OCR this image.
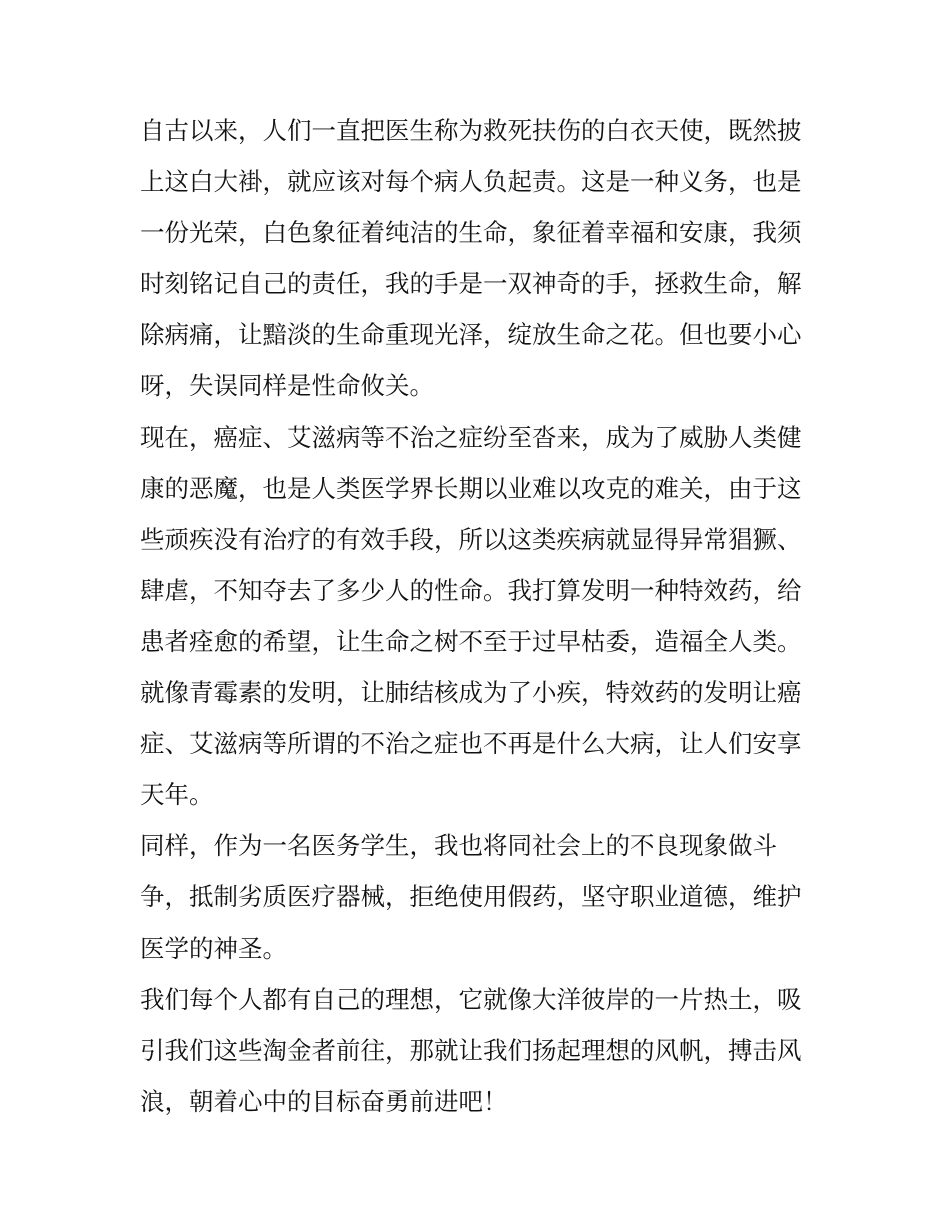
自古以来，人们一直把医生称为救死扶伤的白衣天使，既然披
上这白大褂，就应该对每个病人负起责。这是一种义务，也是
一份光荣，白色象征着纯洁的生命，象征着幸福和安康，我须
时刻铭记自己的责任，我的手是一双神奇的手，拯救生命，解
除病痛，让黯淡的生命重现光泽，绽放生命之花。但也要小心
呀，失误同样是性命攸关。
现在，癌症、艾滋病等不治之症纷至沓来，成为了威胁人类健
康的恶魔，也是人类医学界长期以业难以攻克的难关，由于这
些顽疾没有治疗的有效手段，所以这类疾病就显得异常猖獗、
肆虐，不知夺去了多少人的性命。我打算发明一种特效药，给
患者痊愈的希望，让生命之树不至于过早枯委，造福全人类。
就像青霉素的发明，让肺结核成为了小疾，特效药的发明让癌
症、艾滋病等所谓的不治之症也不再是什么大病，让人们安享
天年。
同样，作为一名医务学生，我也将同社会上的不良现象做斗
争，抵制劣质医疗器械，拒绝使用假药，坚守职业道德，维护
医学的神圣。
我们每个人都有自己的理想，它就像大洋彼岸的一片热土，吸
引我们这些淘金者前往，那就让我们扬起理想的风帆，搏击风
浪，朝着心中的目标奋勇前进吧！
